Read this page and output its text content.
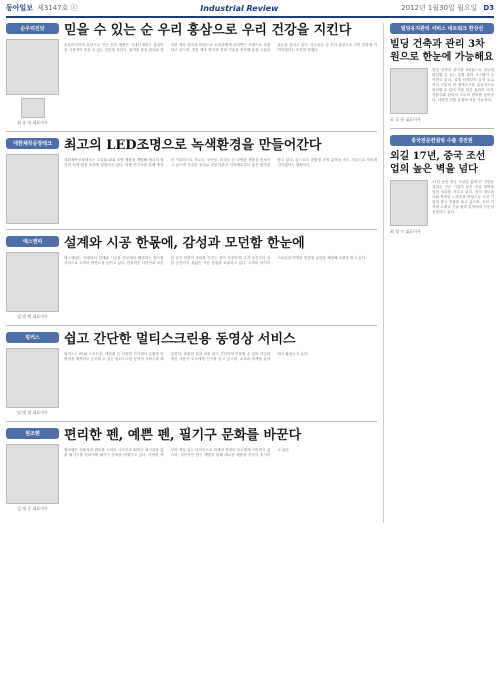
동아일보 제3147호 ⓒ	Industrial Review	2012년 1월30일 월요일 D3
순우리진닷
최 종 학 대표이사
믿을 수 있는 순 우리 홍삼으로 우리 건강을 지킨다

순우리진닷의 홍삼으로 만든 건강 제품은 국내산 6년근 홍삼만을 사용하여 믿을 수 있는 건강을 지킨다. 엄격한 품질 관리와 정직한 생산 원칙을 바탕으로 소비자에게 신뢰받는 브랜드로 성장하고 있으며, 전통 제조 방식과 현대 기술을 접목해 홍삼 고유의 효능을 살리고 있다. 앞으로도 순 우리 홍삼으로 국민 건강에 기여하겠다는 포부를 밝혔다.

대한제작공장테크 최고의 LED조명으로 녹색환경을 만들어간다

대한제작공장테크는 고효율 LED 조명 제품을 개발해 에너지 절감과 녹색 환경 조성에 앞장서고 있다. 자체 연구소를 통해 축적한 기술력으로 가로등, 보안등, 터널등 등 다양한 제품을 선보이고 있으며 우수한 품질로 공공기관과 지자체로부터 좋은 평가를 받고 있다. 앞으로도 친환경 조명 분야의 선도 기업으로 자리매김하겠다는 계획이다.

에스앤피
임 범 택 대표이사
설계와 시공 한몫에, 감성과 모던함 한눈에

에스앤피는 인테리어 설계와 시공을 한곳에서 해결하는 원스톱 서비스로 고객의 만족도를 높이고 있다. 감성적인 디자인과 모던한 공간 연출이 조화를 이루는 것이 특징이며, 주거 공간부터 상업 공간까지 폭넓은 시공 경험을 보유하고 있다. 고객의 라이프스타일을 반영한 맞춤형 공간을 제안해 호평을 받고 있다.

링커스
임 병 형 대표이사
쉽고 간단한 멀티스크린용 동영상 서비스

링커스는 PC와 스마트폰, 태블릿 등 다양한 기기에서 손쉽게 동영상을 제작하고 공유할 수 있는 멀티스크린 동영상 서비스를 제공한다. 복잡한 설치 과정 없이 간단하게 이용할 수 있어 기업과 개인 사용자 모두에게 인기를 얻고 있으며, 교육과 마케팅 분야에서 활용도가 높다.

원조펜
김 재 중 대표이사
편리한 펜, 예쁜 펜, 필기구 문화를 바꾼다

원조펜은 사용자의 편의를 고려한 디자인과 뛰어난 필기감을 갖춘 필기구를 선보이며 필기구 문화를 바꿔가고 있다. 다양한 색상과 개성 있는 디자인으로 학생과 직장인 모두에게 사랑받고 있으며, 지속적인 연구 개발을 통해 새로운 제품을 꾸준히 출시하고 있다.

빌딩유지관리 서비스 네트워크 한상선
빌딩 건축과 관리 3차원으로 한눈에 가능해요

빌딩 건축과 관리를 3차원으로 한눈에 확인할 수 있는 통합 관리 시스템이 주목받고 있다. 설계 단계부터 유지 보수까지 건물의 전 생애주기를 효율적으로 관리할 수 있어 비용 절감 효과가 크며, 건물주와 관리자 모두의 편의를 높여준다. 다양한 건물 유형에 적용 가능하다.

표 상 원 대표이사
중국전문컨설팅 수출 경진원
외길 17년, 중국 조선업의 높은 벽을 넘다

17년 동안 중국 조선업 분야 한 길만을 걸어온 전문 기업이 높은 진입 장벽을 넘어 성과를 거두고 있다. 현지 네트워크와 축적된 노하우를 바탕으로 국내 기업의 중국 진출을 돕고 있으며, 조선 기자재 수출과 기술 협력 분야에서 꾸준히 성장하고 있다.

최 정 수 대표이사
